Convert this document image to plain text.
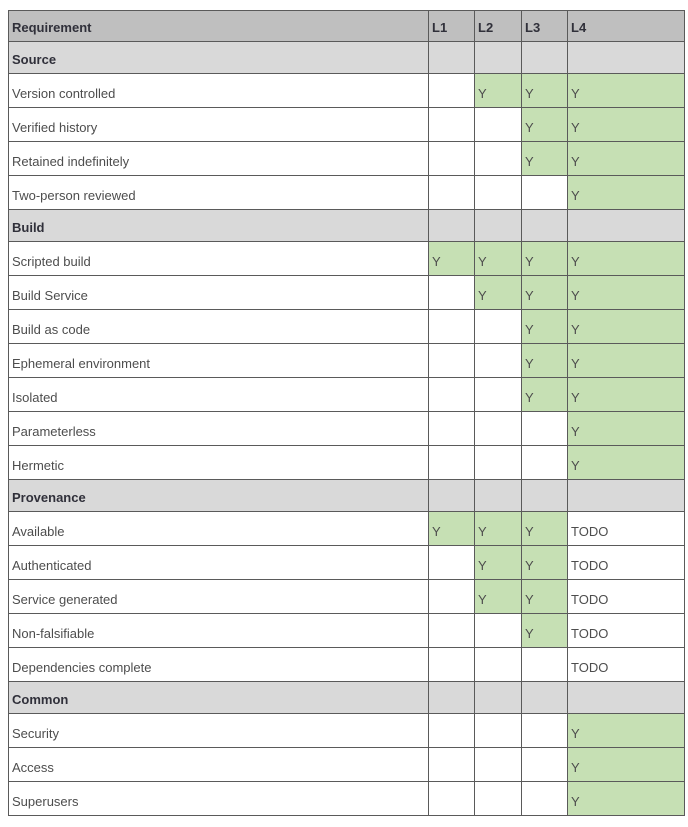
Requirement	L1	L2	L3	L4
Source				
Version controlled		Y	Y	Y
Verified history			Y	Y
Retained indefinitely			Y	Y
Two-person reviewed				Y
Build				
Scripted build	Y	Y	Y	Y
Build Service		Y	Y	Y
Build as code			Y	Y
Ephemeral environment			Y	Y
Isolated			Y	Y
Parameterless				Y
Hermetic				Y
Provenance				
Available	Y	Y	Y	TODO
Authenticated		Y	Y	TODO
Service generated		Y	Y	TODO
Non-falsifiable			Y	TODO
Dependencies complete				TODO
Common				
Security				Y
Access				Y
Superusers				Y
